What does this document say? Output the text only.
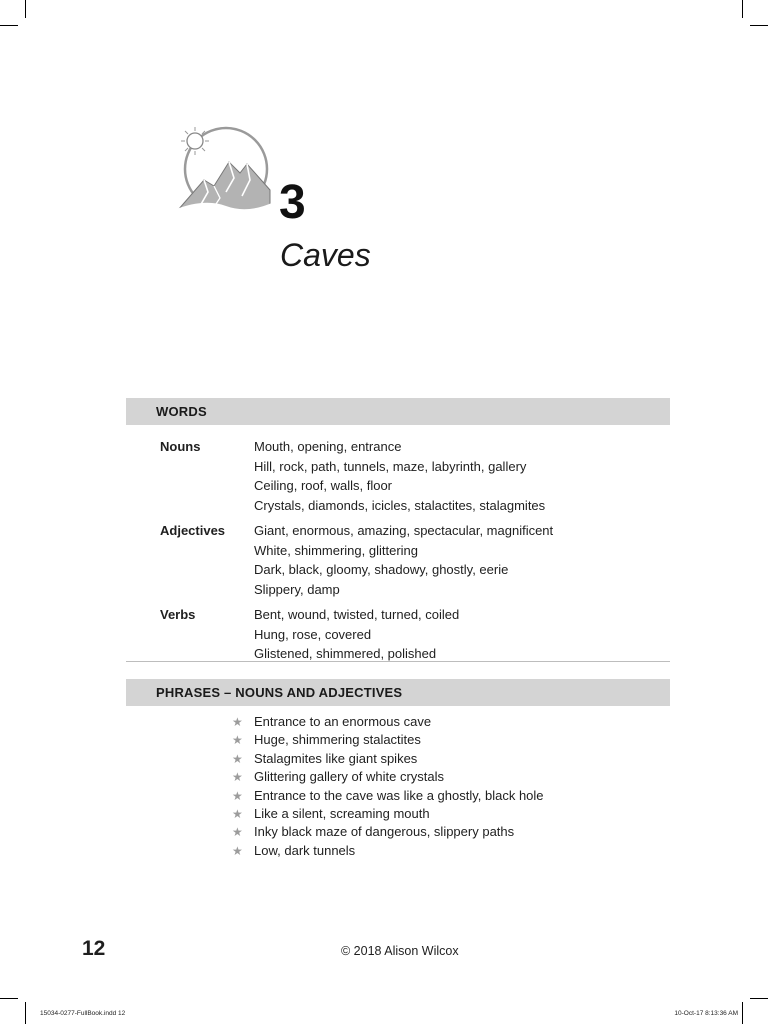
3
Caves
WORDS
Nouns	Mouth, opening, entrance
Hill, rock, path, tunnels, maze, labyrinth, gallery
Ceiling, roof, walls, floor
Crystals, diamonds, icicles, stalactites, stalagmites
Adjectives	Giant, enormous, amazing, spectacular, magnificent
White, shimmering, glittering
Dark, black, gloomy, shadowy, ghostly, eerie
Slippery, damp
Verbs	Bent, wound, twisted, turned, coiled
Hung, rose, covered
Glistened, shimmered, polished
PHRASES – NOUNS AND ADJECTIVES
★ Entrance to an enormous cave
★ Huge, shimmering stalactites
★ Stalagmites like giant spikes
★ Glittering gallery of white crystals
★ Entrance to the cave was like a ghostly, black hole
★ Like a silent, screaming mouth
★ Inky black maze of dangerous, slippery paths
★ Low, dark tunnels
12	© 2018 Alison Wilcox
15034-0277-FullBook.indd 12	10-Oct-17 8:13:36 AM
